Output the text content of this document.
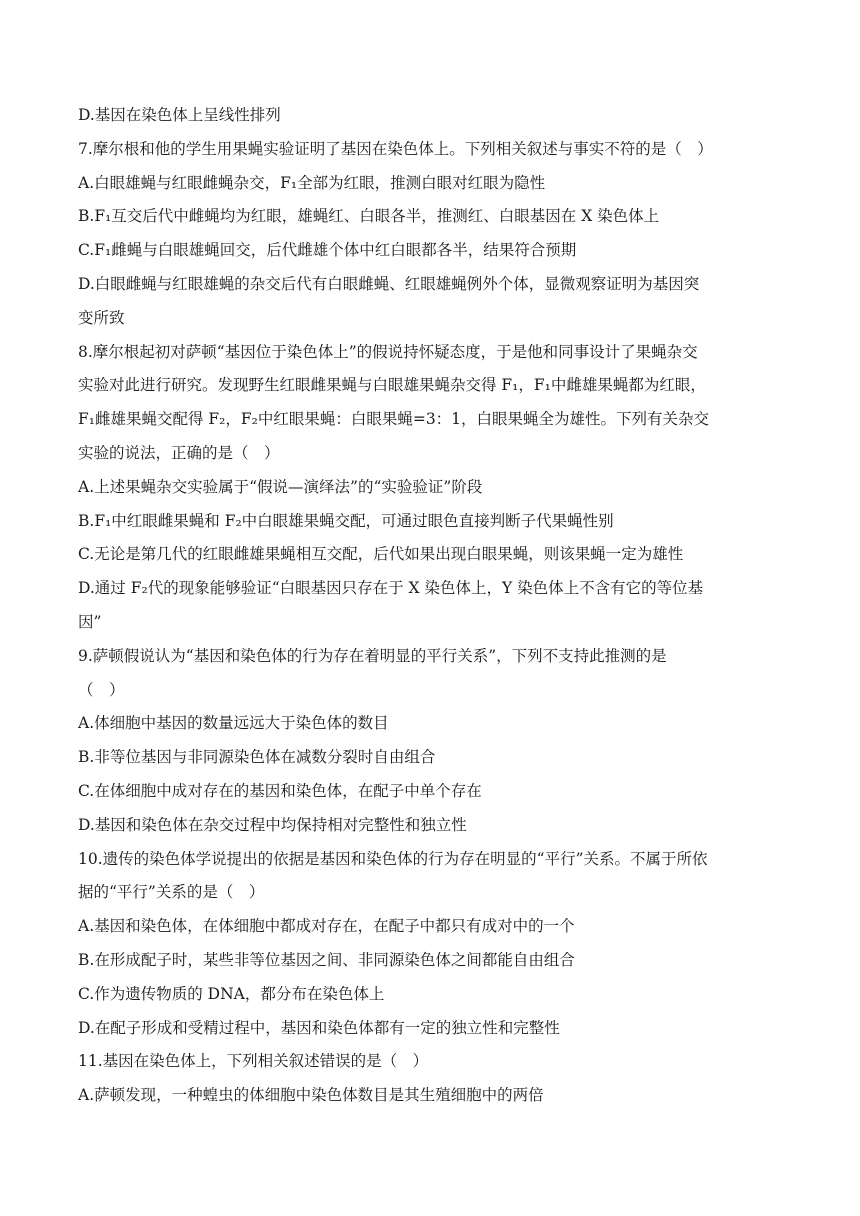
D.基因在染色体上呈线性排列
7.摩尔根和他的学生用果蝇实验证明了基因在染色体上。下列相关叙述与事实不符的是（　）
A.白眼雄蝇与红眼雌蝇杂交，F₁全部为红眼，推测白眼对红眼为隐性
B.F₁互交后代中雌蝇均为红眼，雄蝇红、白眼各半，推测红、白眼基因在 X 染色体上
C.F₁雌蝇与白眼雄蝇回交，后代雌雄个体中红白眼都各半，结果符合预期
D.白眼雌蝇与红眼雄蝇的杂交后代有白眼雌蝇、红眼雄蝇例外个体，显微观察证明为基因突
变所致
8.摩尔根起初对萨顿“基因位于染色体上”的假说持怀疑态度，于是他和同事设计了果蝇杂交
实验对此进行研究。发现野生红眼雌果蝇与白眼雄果蝇杂交得 F₁，F₁中雌雄果蝇都为红眼，
F₁雌雄果蝇交配得 F₂，F₂中红眼果蝇：白眼果蝇=3：1，白眼果蝇全为雄性。下列有关杂交
实验的说法，正确的是（　）
A.上述果蝇杂交实验属于“假说—演绎法”的“实验验证”阶段
B.F₁中红眼雌果蝇和 F₂中白眼雄果蝇交配，可通过眼色直接判断子代果蝇性别
C.无论是第几代的红眼雌雄果蝇相互交配，后代如果出现白眼果蝇，则该果蝇一定为雄性
D.通过 F₂代的现象能够验证“白眼基因只存在于 X 染色体上，Y 染色体上不含有它的等位基
因”
9.萨顿假说认为“基因和染色体的行为存在着明显的平行关系”，下列不支持此推测的是
（　）
A.体细胞中基因的数量远远大于染色体的数目
B.非等位基因与非同源染色体在减数分裂时自由组合
C.在体细胞中成对存在的基因和染色体，在配子中单个存在
D.基因和染色体在杂交过程中均保持相对完整性和独立性
10.遗传的染色体学说提出的依据是基因和染色体的行为存在明显的“平行”关系。不属于所依
据的“平行”关系的是（　）
A.基因和染色体，在体细胞中都成对存在，在配子中都只有成对中的一个
B.在形成配子时，某些非等位基因之间、非同源染色体之间都能自由组合
C.作为遗传物质的 DNA，都分布在染色体上
D.在配子形成和受精过程中，基因和染色体都有一定的独立性和完整性
11.基因在染色体上，下列相关叙述错误的是（　）
A.萨顿发现，一种蝗虫的体细胞中染色体数目是其生殖细胞中的两倍
